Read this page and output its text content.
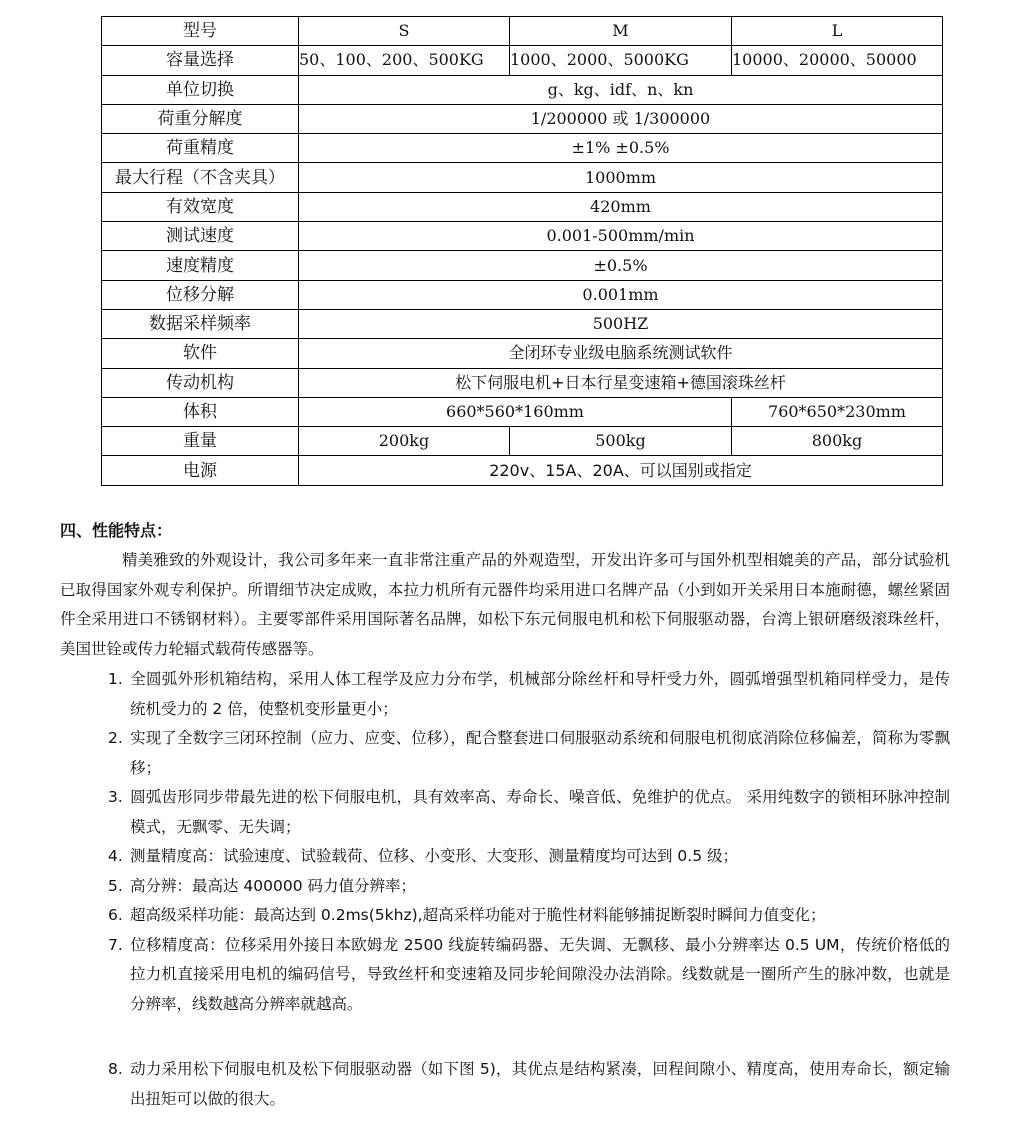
型号	S	M	L
容量选择	50、100、200、500KG	1000、2000、5000KG	10000、20000、50000
单位切换	g、kg、idf、n、kn		
荷重分解度	1/200000 或 1/300000		
荷重精度	±1% ±0.5%		
最大行程（不含夹具）	1000mm		
有效宽度	420mm		
测试速度	0.001-500mm/min		
速度精度	±0.5%		
位移分解	0.001mm		
数据采样频率	500HZ		
软件	全闭环专业级电脑系统测试软件		
传动机构	松下伺服电机+日本行星变速箱+德国滚珠丝杆		
体积	660*560*160mm		760*650*230mm
重量	200kg	500kg	800kg
电源	220v、15A、20A、可以国别或指定		
四、性能特点：
精美雅致的外观设计，我公司多年来一直非常注重产品的外观造型，开发出许多可与国外机型相媲美的产品，部分试验机已取得国家外观专利保护。所谓细节决定成败，本拉力机所有元器件均采用进口名牌产品（小到如开关采用日本施耐德，螺丝紧固件全采用进口不锈钢材料）。主要零部件采用国际著名品牌，如松下东元伺服电机和松下伺服驱动器，台湾上银研磨级滚珠丝杆，美国世铨或传力轮辐式载荷传感器等。
1. 全圆弧外形机箱结构，采用人体工程学及应力分布学，机械部分除丝杆和导杆受力外，圆弧增强型机箱同样受力，是传统机受力的 2 倍，使整机变形量更小；
2. 实现了全数字三闭环控制（应力、应变、位移），配合整套进口伺服驱动系统和伺服电机彻底消除位移偏差，简称为零飘移；
3. 圆弧齿形同步带最先进的松下伺服电机，具有效率高、寿命长、噪音低、免维护的优点。 采用纯数字的锁相环脉冲控制模式，无飘零、无失调；
4. 测量精度高：试验速度、试验载荷、位移、小变形、大变形、测量精度均可达到 0.5 级；
5. 高分辨：最高达 400000 码力值分辨率；
6. 超高级采样功能：最高达到 0.2ms(5khz),超高采样功能对于脆性材料能够捕捉断裂时瞬间力值变化；
7. 位移精度高：位移采用外接日本欧姆龙 2500 线旋转编码器、无失调、无飘移、最小分辨率达 0.5 UM，传统价格低的拉力机直接采用电机的编码信号，导致丝杆和变速箱及同步轮间隙没办法消除。线数就是一圈所产生的脉冲数，也就是分辨率，线数越高分辨率就越高。
8. 动力采用松下伺服电机及松下伺服驱动器（如下图 5)，其优点是结构紧凑，回程间隙小、精度高，使用寿命长，额定输出扭矩可以做的很大。
